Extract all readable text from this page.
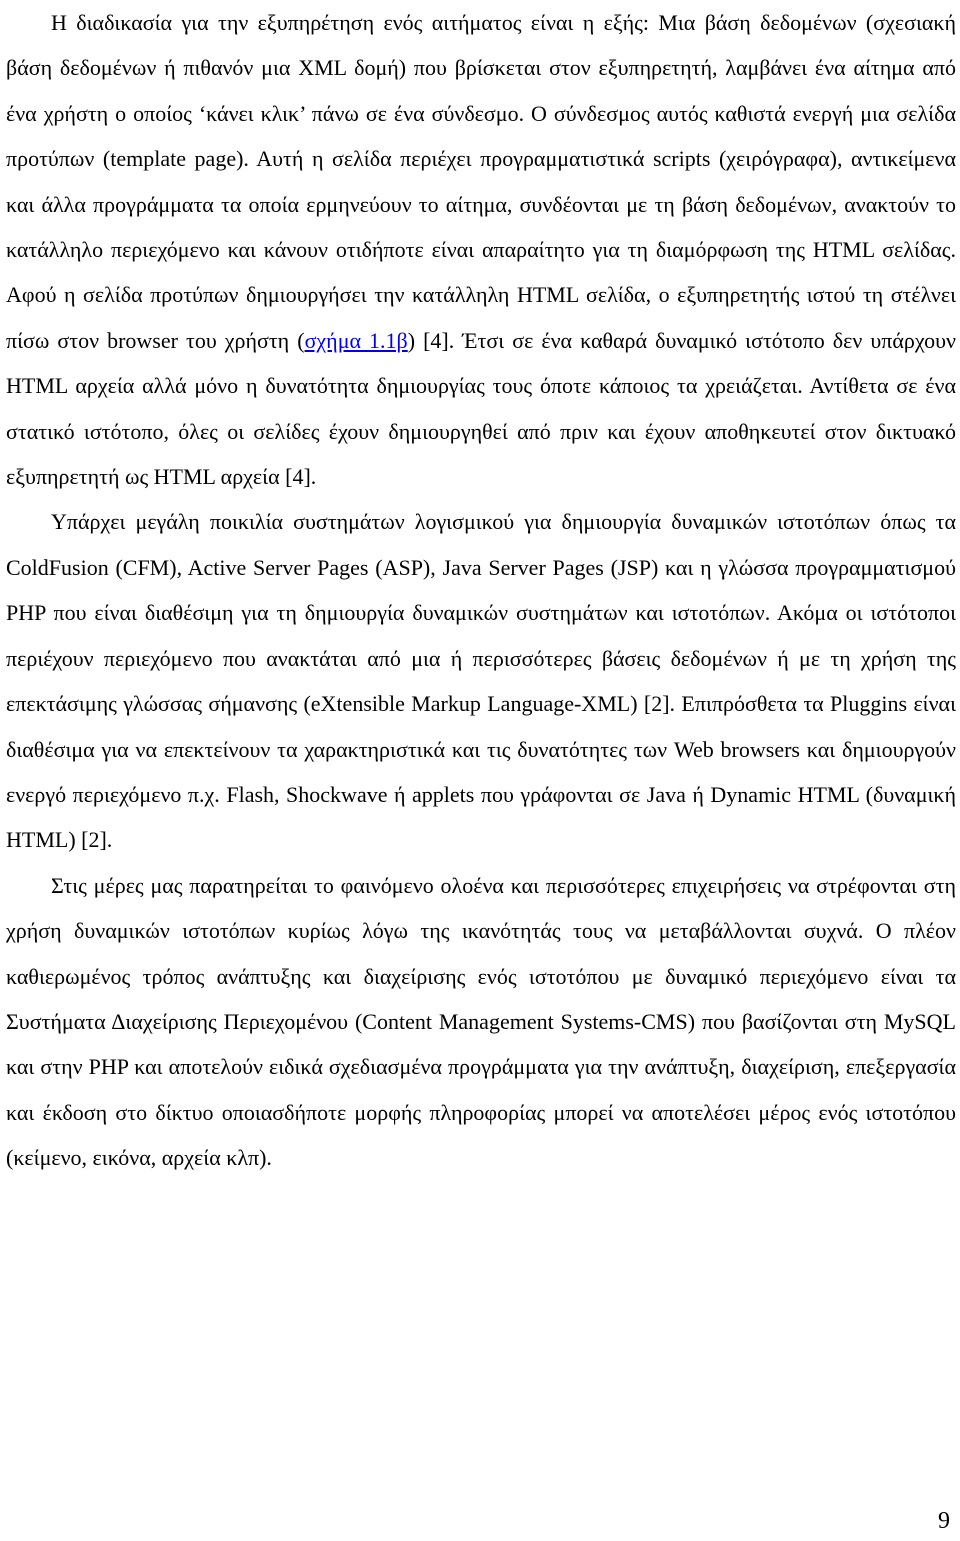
Η διαδικασία για την εξυπηρέτηση ενός αιτήματος είναι η εξής: Μια βάση δεδομένων (σχεσιακή βάση δεδομένων ή πιθανόν μια XML δομή) που βρίσκεται στον εξυπηρετητή, λαμβάνει ένα αίτημα από ένα χρήστη ο οποίος ‘κάνει κλικ’ πάνω σε ένα σύνδεσμο. Ο σύνδεσμος αυτός καθιστά ενεργή μια σελίδα προτύπων (template page). Αυτή η σελίδα περιέχει προγραμματιστικά scripts (χειρόγραφα), αντικείμενα και άλλα προγράμματα τα οποία ερμηνεύουν το αίτημα, συνδέονται με τη βάση δεδομένων, ανακτούν το κατάλληλο περιεχόμενο και κάνουν οτιδήποτε είναι απαραίτητο για τη διαμόρφωση της HTML σελίδας. Αφού η σελίδα προτύπων δημιουργήσει την κατάλληλη HTML σελίδα, ο εξυπηρετητής ιστού τη στέλνει πίσω στον browser του χρήστη (σχήμα 1.1β) [4]. Έτσι σε ένα καθαρά δυναμικό ιστότοπο δεν υπάρχουν HTML αρχεία αλλά μόνο η δυνατότητα δημιουργίας τους όποτε κάποιος τα χρειάζεται. Αντίθετα σε ένα στατικό ιστότοπο, όλες οι σελίδες έχουν δημιουργηθεί από πριν και έχουν αποθηκευτεί στον δικτυακό εξυπηρετητή ως HTML αρχεία [4].

Υπάρχει μεγάλη ποικιλία συστημάτων λογισμικού για δημιουργία δυναμικών ιστοτόπων όπως τα ColdFusion (CFM), Active Server Pages (ASP), Java Server Pages (JSP) και η γλώσσα προγραμματισμού PHP που είναι διαθέσιμη για τη δημιουργία δυναμικών συστημάτων και ιστοτόπων. Ακόμα οι ιστότοποι περιέχουν περιεχόμενο που ανακτάται από μια ή περισσότερες βάσεις δεδομένων ή με τη χρήση της επεκτάσιμης γλώσσας σήμανσης (eXtensible Markup Language-XML) [2]. Επιπρόσθετα τα Pluggins είναι διαθέσιμα για να επεκτείνουν τα χαρακτηριστικά και τις δυνατότητες των Web browsers και δημιουργούν ενεργό περιεχόμενο π.χ. Flash, Shockwave ή applets που γράφονται σε Java ή Dynamic HTML (δυναμική HTML) [2].

Στις μέρες μας παρατηρείται το φαινόμενο ολοένα και περισσότερες επιχειρήσεις να στρέφονται στη χρήση δυναμικών ιστοτόπων κυρίως λόγω της ικανότητάς τους να μεταβάλλονται συχνά. Ο πλέον καθιερωμένος τρόπος ανάπτυξης και διαχείρισης ενός ιστοτόπου με δυναμικό περιεχόμενο είναι τα Συστήματα Διαχείρισης Περιεχομένου (Content Management Systems-CMS) που βασίζονται στη MySQL και στην PHP και αποτελούν ειδικά σχεδιασμένα προγράμματα για την ανάπτυξη, διαχείριση, επεξεργασία και έκδοση στο δίκτυο οποιασδήποτε μορφής πληροφορίας μπορεί να αποτελέσει μέρος ενός ιστοτόπου (κείμενο, εικόνα, αρχεία κλπ).

9
